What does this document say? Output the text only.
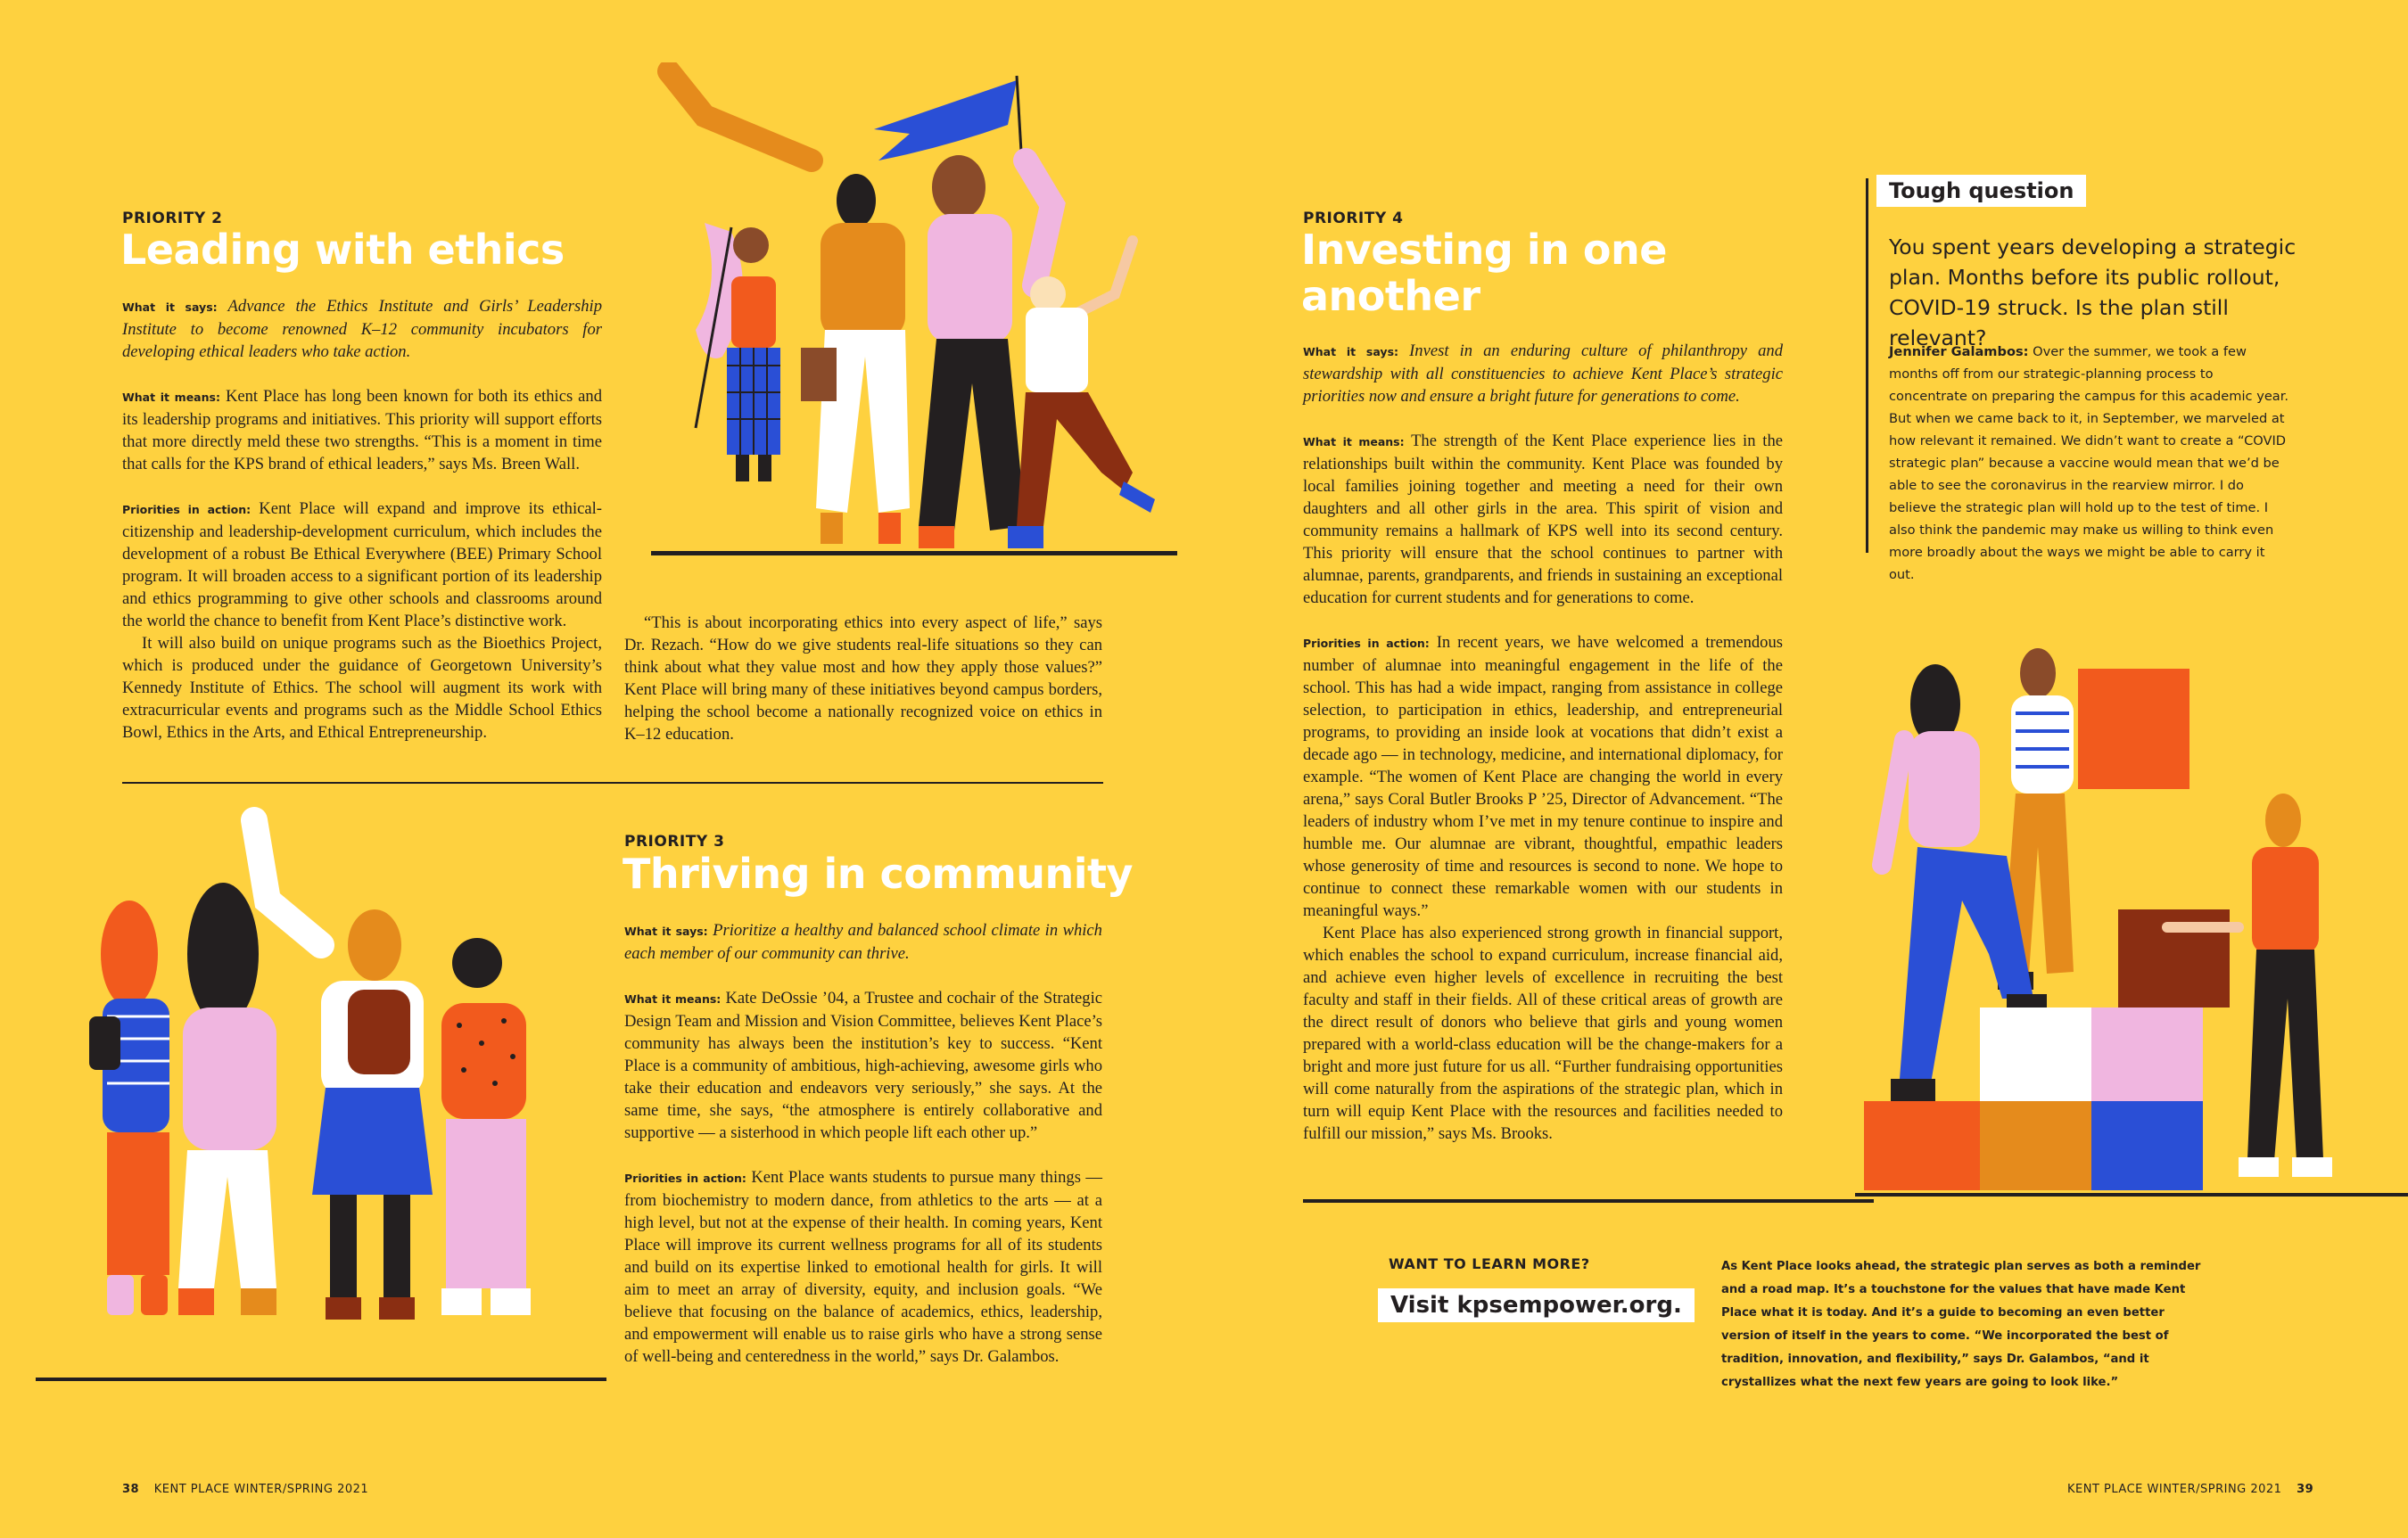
PRIORITY 2
Leading with ethics

What it says: Advance the Ethics Institute and Girls’ Leadership Institute to become renowned K–12 community incubators for developing ethical leaders who take action.

What it means: Kent Place has long been known for both its ethics and its leadership programs and initiatives. This priority will support efforts that more directly meld these two strengths. “This is a moment in time that calls for the KPS brand of ethical leaders,” says Ms. Breen Wall.

Priorities in action: Kent Place will expand and improve its ethical-citizenship and leadership-development curriculum, which includes the development of a robust Be Ethical Everywhere (BEE) Primary School program. It will broaden access to a significant portion of its leadership and ethics programming to give other schools and classrooms around the world the chance to benefit from Kent Place’s distinctive work.

It will also build on unique programs such as the Bioethics Project, which is produced under the guidance of Georgetown University’s Kennedy Institute of Ethics. The school will augment its work with extracurricular events and programs such as the Middle School Ethics Bowl, Ethics in the Arts, and Ethical Entrepreneurship.

“This is about incorporating ethics into every aspect of life,” says Dr. Rezach. “How do we give students real-life situations so they can think about what they value most and how they apply those values?” Kent Place will bring many of these initiatives beyond campus borders, helping the school become a nationally recognized voice on ethics in K–12 education.

PRIORITY 3
Thriving in community

What it says: Prioritize a healthy and balanced school climate in which each member of our community can thrive.

What it means: Kate DeOssie ’04, a Trustee and cochair of the Strategic Design Team and Mission and Vision Committee, believes Kent Place’s community has always been the institution’s key to success. “Kent Place is a community of ambitious, high-achieving, awesome girls who take their education and endeavors very seriously,” she says. At the same time, she says, “the atmosphere is entirely collaborative and supportive — a sisterhood in which people lift each other up.”

Priorities in action: Kent Place wants students to pursue many things — from biochemistry to modern dance, from athletics to the arts — at a high level, but not at the expense of their health. In coming years, Kent Place will improve its current wellness programs for all of its students and build on its expertise linked to emotional health for girls. It will aim to meet an array of diversity, equity, and inclusion goals. “We believe that focusing on the balance of academics, ethics, leadership, and empowerment will enable us to raise girls who have a strong sense of well-being and centeredness in the world,” says Dr. Galambos.

PRIORITY 4
Investing in one
another

What it says: Invest in an enduring culture of philanthropy and stewardship with all constituencies to achieve Kent Place’s strategic priorities now and ensure a bright future for generations to come.

What it means: The strength of the Kent Place experience lies in the relationships built within the community. Kent Place was founded by local families joining together and meeting a need for their own daughters and all other girls in the area. This spirit of vision and community remains a hallmark of KPS well into its second century. This priority will ensure that the school continues to partner with alumnae, parents, grandparents, and friends in sustaining an exceptional education for current students and for generations to come.

Priorities in action: In recent years, we have welcomed a tremendous number of alumnae into meaningful engagement in the life of the school. This has had a wide impact, ranging from assistance in college selection, to participation in ethics, leadership, and entrepreneurial programs, to providing an inside look at vocations that didn’t exist a decade ago — in technology, medicine, and international diplomacy, for example. “The women of Kent Place are changing the world in every arena,” says Coral Butler Brooks P ’25, Director of Advancement. “The leaders of industry whom I’ve met in my tenure continue to inspire and humble me. Our alumnae are vibrant, thoughtful, empathic leaders whose generosity of time and resources is second to none. We hope to continue to connect these remarkable women with our students in meaningful ways.”

Kent Place has also experienced strong growth in financial support, which enables the school to expand curriculum, increase financial aid, and achieve even higher levels of excellence in recruiting the best faculty and staff in their fields. All of these critical areas of growth are the direct result of donors who believe that girls and young women prepared with a world-class education will be the change-makers for a bright and more just future for us all. “Further fundraising opportunities will come naturally from the aspirations of the strategic plan, which in turn will equip Kent Place with the resources and facilities needed to fulfill our mission,” says Ms. Brooks.

Tough question
You spent years developing a strategic plan. Months before its public rollout, COVID-19 struck. Is the plan still relevant?
Jennifer Galambos: Over the summer, we took a few months off from our strategic-planning process to concentrate on preparing the campus for this academic year. But when we came back to it, in September, we marveled at how relevant it remained. We didn’t want to create a “COVID strategic plan” because a vaccine would mean that we’d be able to see the coronavirus in the rearview mirror. I do believe the strategic plan will hold up to the test of time. I also think the pandemic may make us willing to think even more broadly about the ways we might be able to carry it out.
WANT TO LEARN MORE?
Visit kpsempower.org.
As Kent Place looks ahead, the strategic plan serves as both a reminder and a road map. It’s a touchstone for the values that have made Kent Place what it is today. And it’s a guide to becoming an even better version of itself in the years to come. “We incorporated the best of tradition, innovation, and flexibility,” says Dr. Galambos, “and it crystallizes what the next few years are going to look like.”
38 KENT PLACE WINTER/SPRING 2021	KENT PLACE WINTER/SPRING 2021 39
